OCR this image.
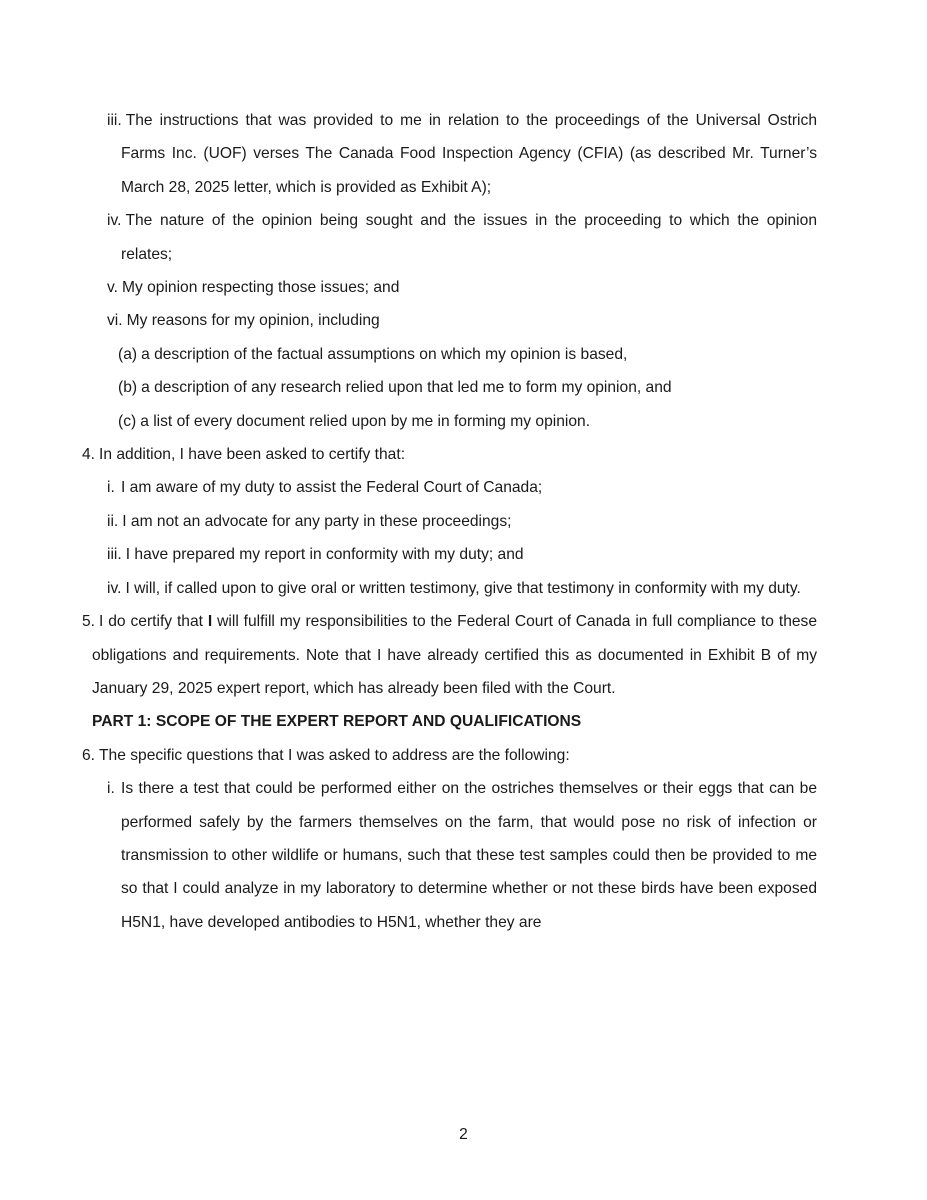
iii. The instructions that was provided to me in relation to the proceedings of the Universal Ostrich Farms Inc. (UOF) verses The Canada Food Inspection Agency (CFIA) (as described Mr. Turner’s March 28, 2025 letter, which is provided as Exhibit A);

iv. The nature of the opinion being sought and the issues in the proceeding to which the opinion relates;

v. My opinion respecting those issues; and

vi. My reasons for my opinion, including

(a) a description of the factual assumptions on which my opinion is based,

(b) a description of any research relied upon that led me to form my opinion, and

(c) a list of every document relied upon by me in forming my opinion.

4. In addition, I have been asked to certify that:

i. I am aware of my duty to assist the Federal Court of Canada;

ii. I am not an advocate for any party in these proceedings;

iii. I have prepared my report in conformity with my duty; and

iv. I will, if called upon to give oral or written testimony, give that testimony in conformity with my duty.

5. I do certify that I will fulfill my responsibilities to the Federal Court of Canada in full compliance to these obligations and requirements. Note that I have already certified this as documented in Exhibit B of my January 29, 2025 expert report, which has already been filed with the Court.

PART 1: SCOPE OF THE EXPERT REPORT AND QUALIFICATIONS

6. The specific questions that I was asked to address are the following:

i. Is there a test that could be performed either on the ostriches themselves or their eggs that can be performed safely by the farmers themselves on the farm, that would pose no risk of infection or transmission to other wildlife or humans, such that these test samples could then be provided to me so that I could analyze in my laboratory to determine whether or not these birds have been exposed H5N1, have developed antibodies to H5N1, whether they are

2
